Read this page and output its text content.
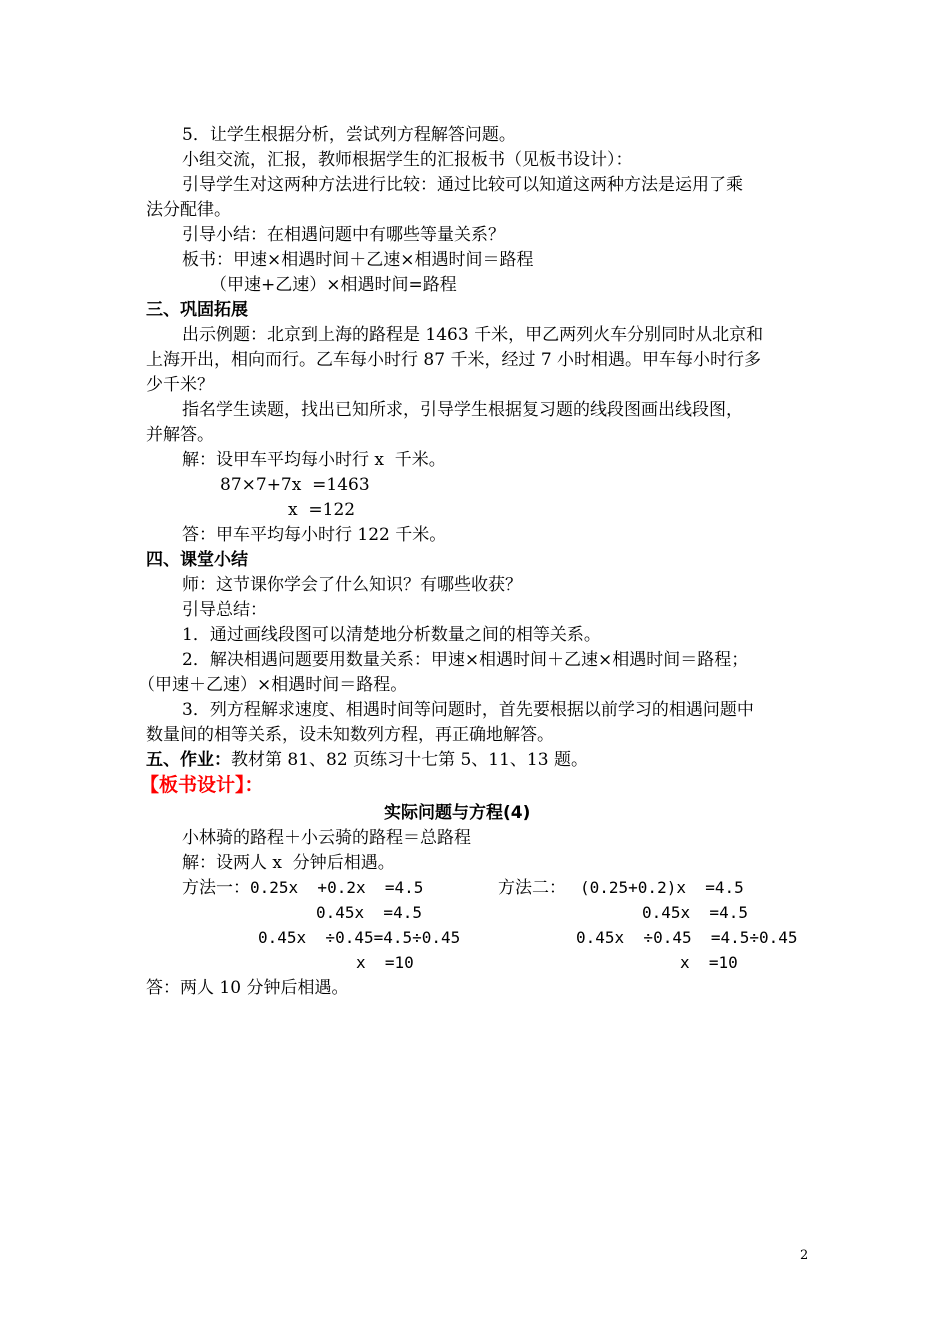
5．让学生根据分析，尝试列方程解答问题。
小组交流，汇报，教师根据学生的汇报板书（见板书设计）：
引导学生对这两种方法进行比较：通过比较可以知道这两种方法是运用了乘
法分配律。
引导小结：在相遇问题中有哪些等量关系？
板书：甲速×相遇时间＋乙速×相遇时间＝路程
（甲速+乙速）×相遇时间=路程
三、巩固拓展
出示例题：北京到上海的路程是 1463 千米，甲乙两列火车分别同时从北京和
上海开出，相向而行。乙车每小时行 87 千米，经过 7 小时相遇。甲车每小时行多
少千米？
指名学生读题，找出已知所求，引导学生根据复习题的线段图画出线段图，
并解答。
解：设甲车平均每小时行 x  千米。
87×7+7x  =1463
x  =122
答：甲车平均每小时行 122 千米。
四、课堂小结
师：这节课你学会了什么知识？有哪些收获？
引导总结：
1．通过画线段图可以清楚地分析数量之间的相等关系。
2．解决相遇问题要用数量关系：甲速×相遇时间＋乙速×相遇时间＝路程；
（甲速＋乙速）×相遇时间＝路程。
3．列方程解求速度、相遇时间等问题时，首先要根据以前学习的相遇问题中
数量间的相等关系，设未知数列方程，再正确地解答。
五、作业：教材第 81、82 页练习十七第 5、11、13 题。
【板书设计】：
实际问题与方程(4)
小林骑的路程＋小云骑的路程＝总路程
解：设两人 x  分钟后相遇。
方法一：0.25x  +0.2x  =4.5
0.45x  =4.5
0.45x  ÷0.45=4.5÷0.45
x  =10
方法二： (0.25+0.2)x  =4.5
0.45x  =4.5
0.45x  ÷0.45  =4.5÷0.45
x  =10
答：两人 10 分钟后相遇。
2
